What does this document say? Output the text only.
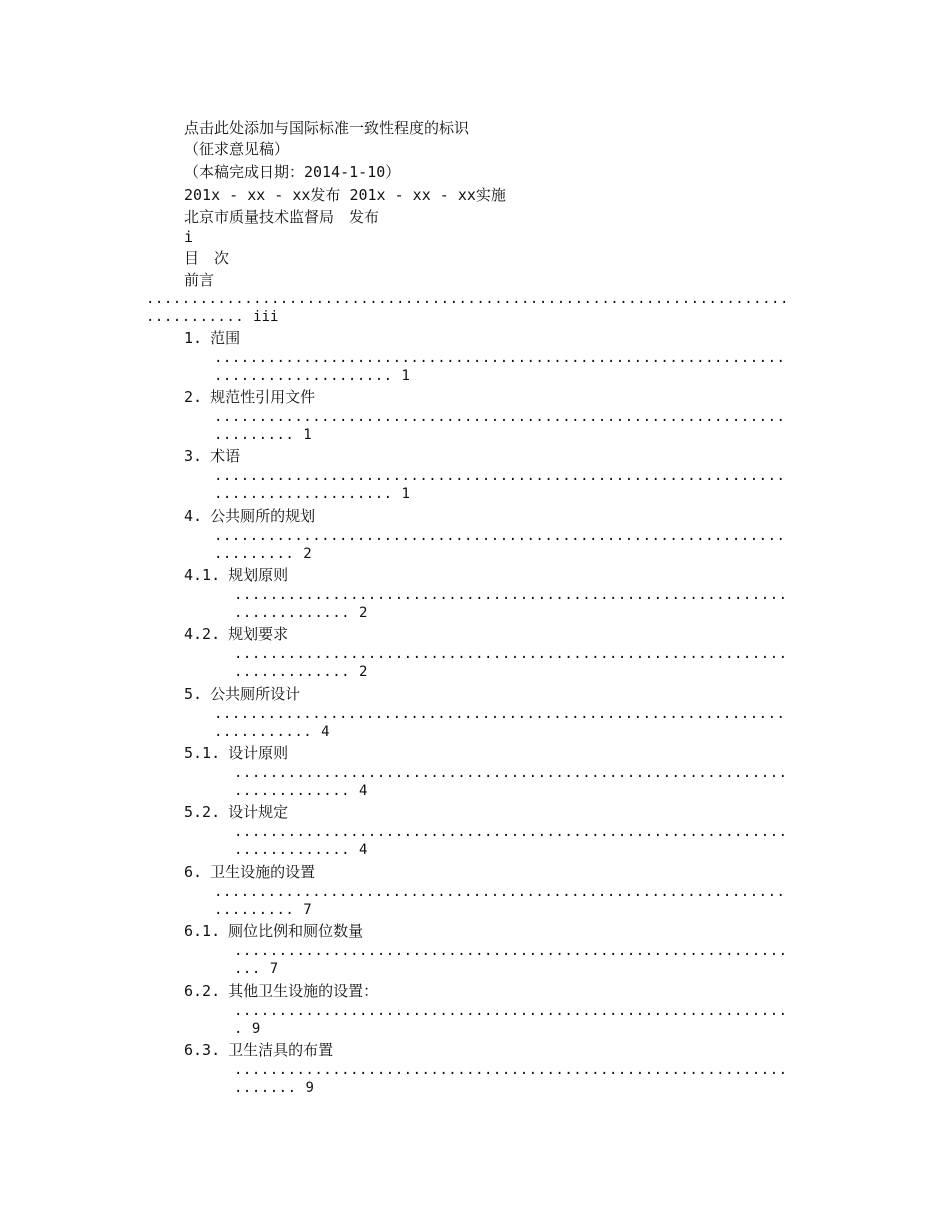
点击此处添加与国际标准一致性程度的标识
（征求意见稿）
（本稿完成日期：2014-1-10）
201x - xx - xx发布 201x - xx - xx实施
北京市质量技术监督局　发布
i
目　次
前言
........................................................................
........... iii
1. 范围
................................................................
.................... 1
2. 规范性引用文件
................................................................
......... 1
3. 术语
................................................................
.................... 1
4. 公共厕所的规划
................................................................
......... 2
4.1. 规划原则
..............................................................
............. 2
4.2. 规划要求
..............................................................
............. 2
5. 公共厕所设计
................................................................
........... 4
5.1. 设计原则
..............................................................
............. 4
5.2. 设计规定
..............................................................
............. 4
6. 卫生设施的设置
................................................................
......... 7
6.1. 厕位比例和厕位数量
..............................................................
... 7
6.2. 其他卫生设施的设置：
..............................................................
. 9
6.3. 卫生洁具的布置
..............................................................
....... 9
